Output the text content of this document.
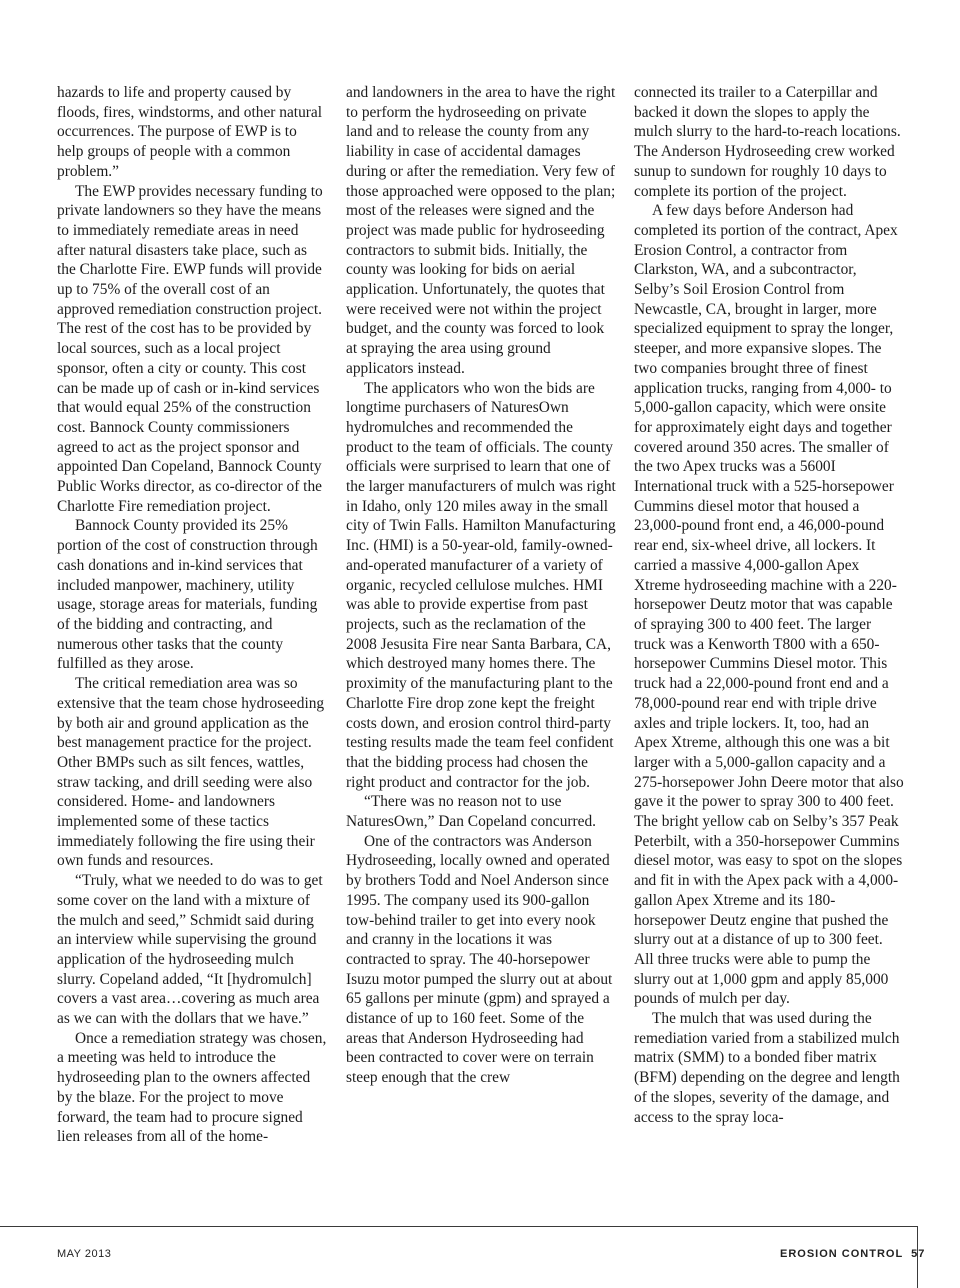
hazards to life and property caused by floods, fires, windstorms, and other natural occurrences. The purpose of EWP is to help groups of people with a common problem.”

The EWP provides necessary funding to private landowners so they have the means to immediately remediate areas in need after natural disasters take place, such as the Charlotte Fire. EWP funds will provide up to 75% of the overall cost of an approved remediation construction project. The rest of the cost has to be provided by local sources, such as a local project sponsor, often a city or county. This cost can be made up of cash or in-kind services that would equal 25% of the construction cost. Bannock County commissioners agreed to act as the project sponsor and appointed Dan Copeland, Bannock County Public Works director, as co-director of the Charlotte Fire remediation project.

Bannock County provided its 25% portion of the cost of construction through cash donations and in-kind services that included manpower, machinery, utility usage, storage areas for materials, funding of the bidding and contracting, and numerous other tasks that the county fulfilled as they arose.

The critical remediation area was so extensive that the team chose hydroseeding by both air and ground application as the best management practice for the project. Other BMPs such as silt fences, wattles, straw tacking, and drill seeding were also considered. Home- and landowners implemented some of these tactics immediately following the fire using their own funds and resources.

“Truly, what we needed to do was to get some cover on the land with a mixture of the mulch and seed,” Schmidt said during an interview while supervising the ground application of the hydroseeding mulch slurry. Copeland added, “It [hydromulch] covers a vast area…covering as much area as we can with the dollars that we have.”

Once a remediation strategy was chosen, a meeting was held to introduce the hydroseeding plan to the owners affected by the blaze. For the project to move forward, the team had to procure signed lien releases from all of the home-

and landowners in the area to have the right to perform the hydroseeding on private land and to release the county from any liability in case of accidental damages during or after the remediation. Very few of those approached were opposed to the plan; most of the releases were signed and the project was made public for hydroseeding contractors to submit bids. Initially, the county was looking for bids on aerial application. Unfortunately, the quotes that were received were not within the project budget, and the county was forced to look at spraying the area using ground applicators instead.

The applicators who won the bids are longtime purchasers of NaturesOwn hydromulches and recommended the product to the team of officials. The county officials were surprised to learn that one of the larger manufacturers of mulch was right in Idaho, only 120 miles away in the small city of Twin Falls. Hamilton Manufacturing Inc. (HMI) is a 50-year-old, family-owned-and-operated manufacturer of a variety of organic, recycled cellulose mulches. HMI was able to provide expertise from past projects, such as the reclamation of the 2008 Jesusita Fire near Santa Barbara, CA, which destroyed many homes there. The proximity of the manufacturing plant to the Charlotte Fire drop zone kept the freight costs down, and erosion control third-party testing results made the team feel confident that the bidding process had chosen the right product and contractor for the job.

“There was no reason not to use NaturesOwn,” Dan Copeland concurred.

One of the contractors was Anderson Hydroseeding, locally owned and operated by brothers Todd and Noel Anderson since 1995. The company used its 900-gallon tow-behind trailer to get into every nook and cranny in the locations it was contracted to spray. The 40-horsepower Isuzu motor pumped the slurry out at about 65 gallons per minute (gpm) and sprayed a distance of up to 160 feet. Some of the areas that Anderson Hydroseeding had been contracted to cover were on terrain steep enough that the crew

connected its trailer to a Caterpillar and backed it down the slopes to apply the mulch slurry to the hard-to-reach locations. The Anderson Hydroseeding crew worked sunup to sundown for roughly 10 days to complete its portion of the project.

A few days before Anderson had completed its portion of the contract, Apex Erosion Control, a contractor from Clarkston, WA, and a subcontractor, Selby’s Soil Erosion Control from Newcastle, CA, brought in larger, more specialized equipment to spray the longer, steeper, and more expansive slopes. The two companies brought three of finest application trucks, ranging from 4,000- to 5,000-gallon capacity, which were onsite for approximately eight days and together covered around 350 acres. The smaller of the two Apex trucks was a 5600I International truck with a 525-horsepower Cummins diesel motor that housed a 23,000-pound front end, a 46,000-pound rear end, six-wheel drive, all lockers. It carried a massive 4,000-gallon Apex Xtreme hydroseeding machine with a 220-horsepower Deutz motor that was capable of spraying 300 to 400 feet. The larger truck was a Kenworth T800 with a 650-horsepower Cummins Diesel motor. This truck had a 22,000-pound front end and a 78,000-pound rear end with triple drive axles and triple lockers. It, too, had an Apex Xtreme, although this one was a bit larger with a 5,000-gallon capacity and a 275-horsepower John Deere motor that also gave it the power to spray 300 to 400 feet. The bright yellow cab on Selby’s 357 Peak Peterbilt, with a 350-horsepower Cummins diesel motor, was easy to spot on the slopes and fit in with the Apex pack with a 4,000-gallon Apex Xtreme and its 180-horsepower Deutz engine that pushed the slurry out at a distance of up to 300 feet. All three trucks were able to pump the slurry out at 1,000 gpm and apply 85,000 pounds of mulch per day.

The mulch that was used during the remediation varied from a stabilized mulch matrix (SMM) to a bonded fiber matrix (BFM) depending on the degree and length of the slopes, severity of the damage, and access to the spray loca-

MAY 2013	EROSION CONTROL 57
